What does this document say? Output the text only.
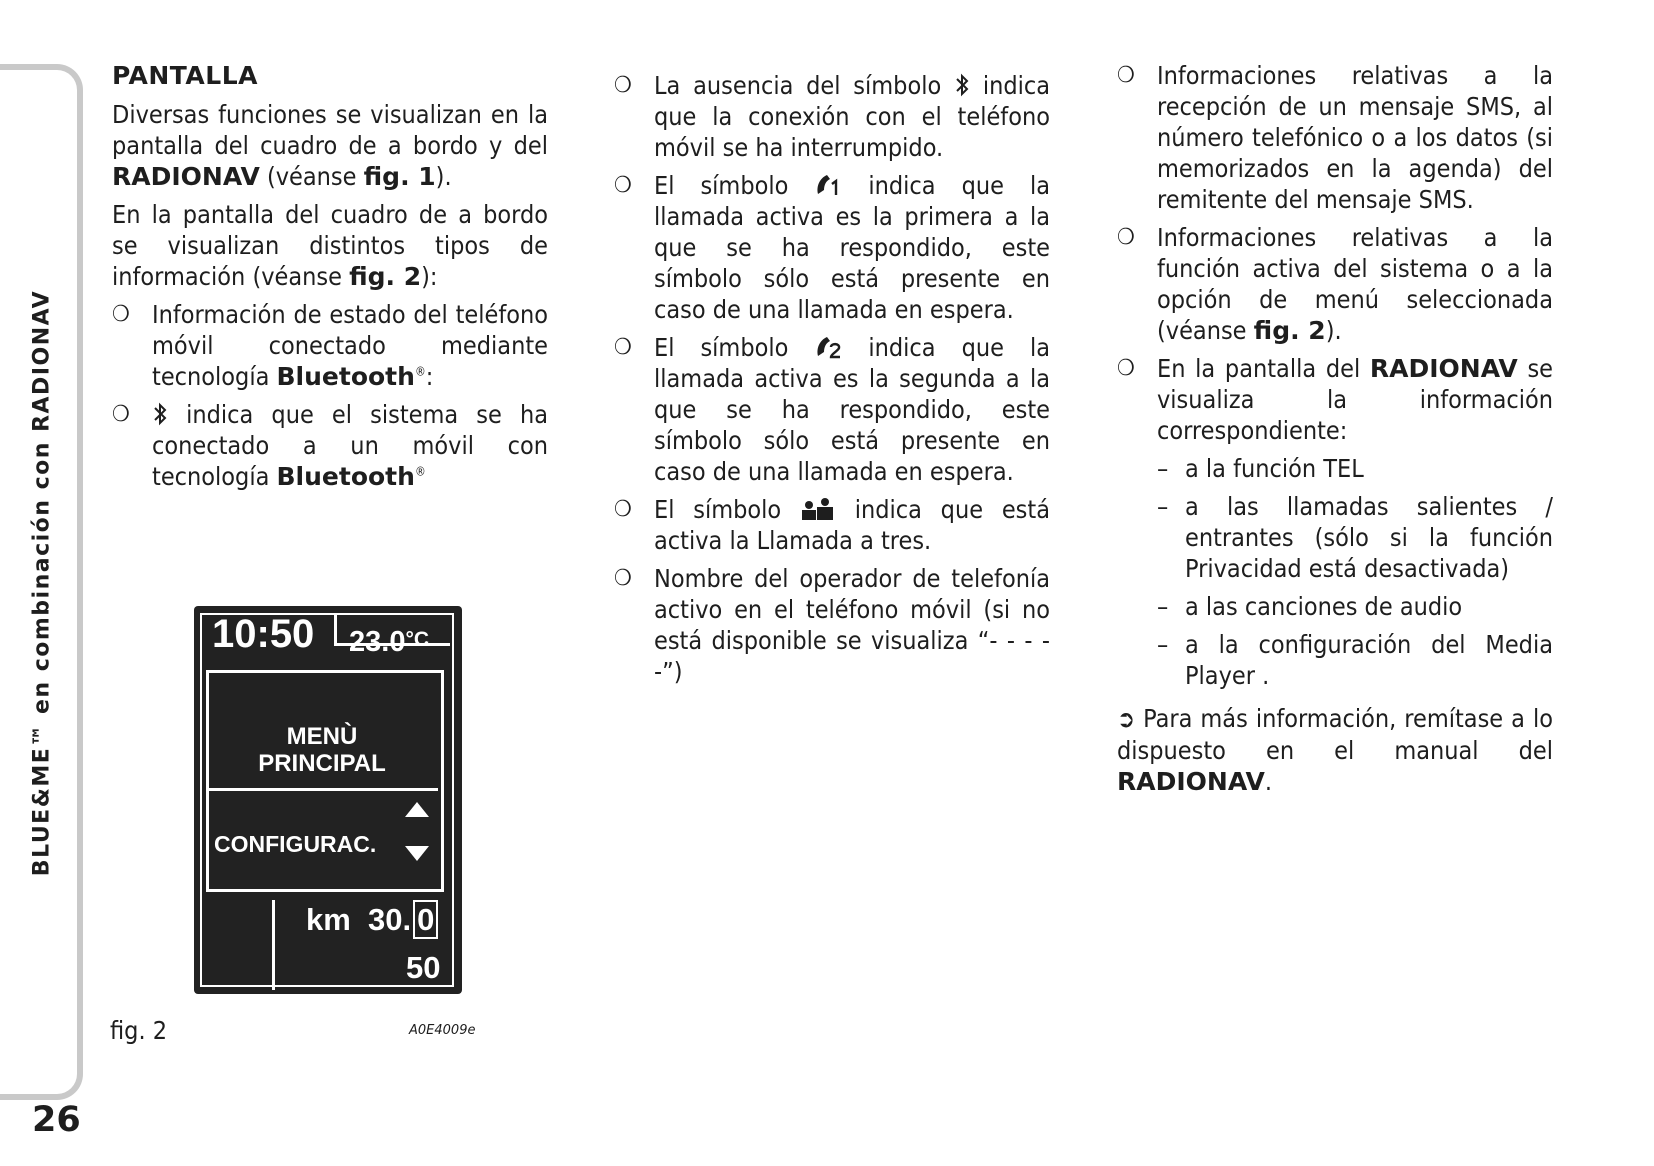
BLUE&ME™ en combinación con RADIONAV
26
PANTALLA

Diversas funciones se visualizan en la pantalla del cuadro de a bordo y del RADIONAV (véanse fig. 1).

En la pantalla del cuadro de a bordo se visualizan distintos tipos de información (véanse fig. 2):

❍ Información de estado del teléfono móvil conectado mediante tecnología Bluetooth®:
❍ indica que el sistema se ha conectado a un móvil con tecnología Bluetooth®
10:50 23.0°C
MENÙ
PRINCIPAL
CONFIGURAC.
km 30. 0
50
fig. 2	A0E4009e
❍ La ausencia del símbolo  indica que la conexión con el teléfono móvil se ha interrumpido.
❍ El símbolo  indica que la llamada activa es la primera a la que se ha respondido, este símbolo sólo está presente en caso de una llamada en espera.
❍ El símbolo  indica que la llamada activa es la segunda a la que se ha respondido, este símbolo sólo está presente en caso de una llamada en espera.
❍ El símbolo  indica que está activa la Llamada a tres.
❍ Nombre del operador de telefonía activo en el teléfono móvil (si no está disponible se visualiza “- - - - -”)
❍ Informaciones relativas a la recepción de un mensaje SMS, al número telefónico o a los datos (si memorizados en la agenda) del remitente del mensaje SMS.
❍ Informaciones relativas a la función activa del sistema o a la opción de menú seleccionada (véanse fig. 2).
❍ En la pantalla del RADIONAV se visualiza la información correspondiente:
– a la función TEL
– a las llamadas salientes / entrantes (sólo si la función Privacidad está desactivada)
– a las canciones de audio
– a la configuración del Media Player .

➲ Para más información, remítase a lo dispuesto en el manual del RADIONAV.
